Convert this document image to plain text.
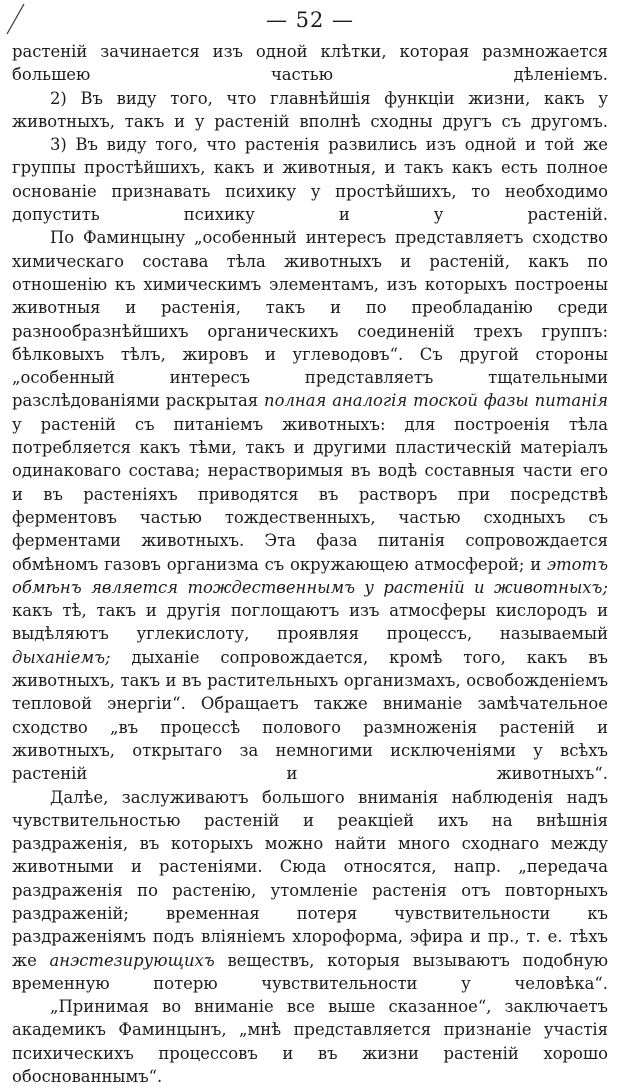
— 52 —

растеній зачинается изъ одной клѣтки, которая размножается большею частью дѣленіемъ.

2) Въ виду того, что главнѣйшія функціи жизни, какъ у животныхъ, такъ и у растеній вполнѣ сходны другъ съ другомъ.

3) Въ виду того, что растенія развились изъ одной и той же группы простѣйшихъ, какъ и животныя, и такъ какъ есть полное основаніе признавать психику у простѣйшихъ, то необходимо допустить психику и у растеній.

По Фаминцыну „особенный интересъ представляетъ сходство химическаго состава тѣла животныхъ и растеній, какъ по отношенію къ химическимъ элементамъ, изъ которыхъ построены животныя и растенія, такъ и по преобладанію среди разнообразнѣйшихъ органическихъ соединеній трехъ группъ: бѣлковыхъ тѣлъ, жировъ и углеводовъ“. Съ другой стороны „особенный интересъ представляетъ тщательными разслѣдованіями раскрытая полная аналогія тоской фазы питанія у растеній съ питаніемъ животныхъ: для построенія тѣла потребляется какъ тѣми, такъ и другими пластическій матеріалъ одинаковаго состава; нерастворимыя въ водѣ составныя части его и въ растеніяхъ приводятся въ растворъ при посредствѣ ферментовъ частью тождественныхъ, частью сходныхъ съ ферментами животныхъ. Эта фаза питанія сопровождается обмѣномъ газовъ организма съ окружающею атмосферой; и этотъ обмѣнъ является тождественнымъ у растеній и животныхъ; какъ тѣ, такъ и другія поглощаютъ изъ атмосферы кислородъ и выдѣляютъ углекислоту, проявляя процессъ, называемый дыханіемъ; дыханіе сопровождается, кромѣ того, какъ въ животныхъ, такъ и въ растительныхъ организмахъ, освобожденіемъ тепловой энергіи“. Обращаетъ также вниманіе замѣчательное сходство „въ процессѣ полового размноженія растеній и животныхъ, открытаго за немногими исключеніями у всѣхъ растеній и животныхъ“.

Далѣе, заслуживаютъ большого вниманія наблюденія надъ чувствительностью растеній и реакціей ихъ на внѣшнія раздраженія, въ которыхъ можно найти много сходнаго между животными и растеніями. Сюда относятся, напр. „передача раздраженія по растенію, утомленіе растенія отъ повторныхъ раздраженій; временная потеря чувствительности къ раздраженіямъ подъ вліяніемъ хлороформа, эфира и пр., т. е. тѣхъ же анэстезирующихъ веществъ, которыя вызываютъ подобную временную потерю чувствительности у человѣка“.

„Принимая во вниманіе все выше сказанное“, заключаетъ академикъ Фаминцынъ, „мнѣ представляется признаніе участія психическихъ процессовъ и въ жизни растеній хорошо обоснованнымъ“.
